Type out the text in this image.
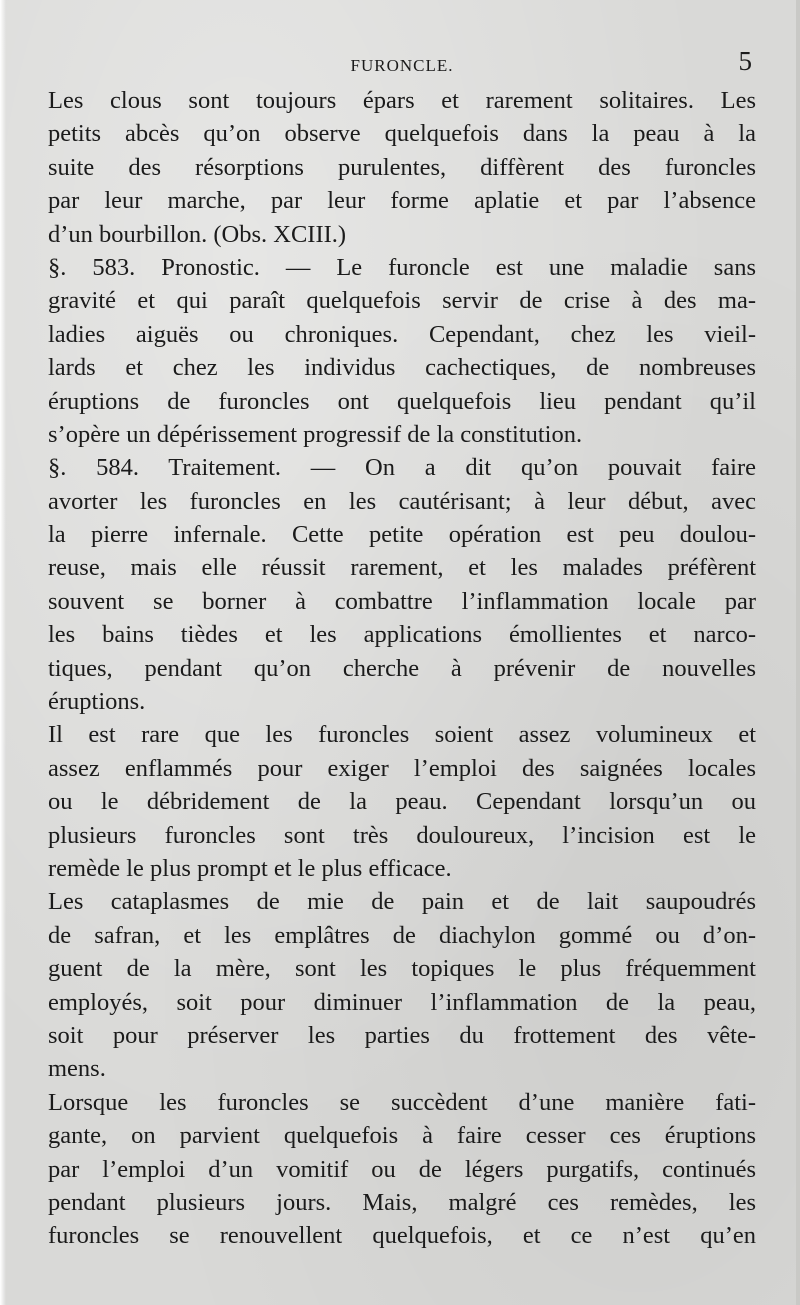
FURONCLE.	5
Les clous sont toujours épars et rarement solitaires. Les
petits abcès qu’on observe quelquefois dans la peau à la
suite des résorptions purulentes, diffèrent des furoncles
par leur marche, par leur forme aplatie et par l’absence
d’un bourbillon. (Obs. XCIII.)
§. 583. Pronostic. — Le furoncle est une maladie sans
gravité et qui paraît quelquefois servir de crise à des ma-
ladies aiguës ou chroniques. Cependant, chez les vieil-
lards et chez les individus cachectiques, de nombreuses
éruptions de furoncles ont quelquefois lieu pendant qu’il
s’opère un dépérissement progressif de la constitution.
§. 584. Traitement. — On a dit qu’on pouvait faire
avorter les furoncles en les cautérisant; à leur début, avec
la pierre infernale. Cette petite opération est peu doulou-
reuse, mais elle réussit rarement, et les malades préfèrent
souvent se borner à combattre l’inflammation locale par
les bains tièdes et les applications émollientes et narco-
tiques, pendant qu’on cherche à prévenir de nouvelles
éruptions.
Il est rare que les furoncles soient assez volumineux et
assez enflammés pour exiger l’emploi des saignées locales
ou le débridement de la peau. Cependant lorsqu’un ou
plusieurs furoncles sont très douloureux, l’incision est le
remède le plus prompt et le plus efficace.
Les cataplasmes de mie de pain et de lait saupoudrés
de safran, et les emplâtres de diachylon gommé ou d’on-
guent de la mère, sont les topiques le plus fréquemment
employés, soit pour diminuer l’inflammation de la peau,
soit pour préserver les parties du frottement des vête-
mens.
Lorsque les furoncles se succèdent d’une manière fati-
gante, on parvient quelquefois à faire cesser ces éruptions
par l’emploi d’un vomitif ou de légers purgatifs, continués
pendant plusieurs jours. Mais, malgré ces remèdes, les
furoncles se renouvellent quelquefois, et ce n’est qu’en
